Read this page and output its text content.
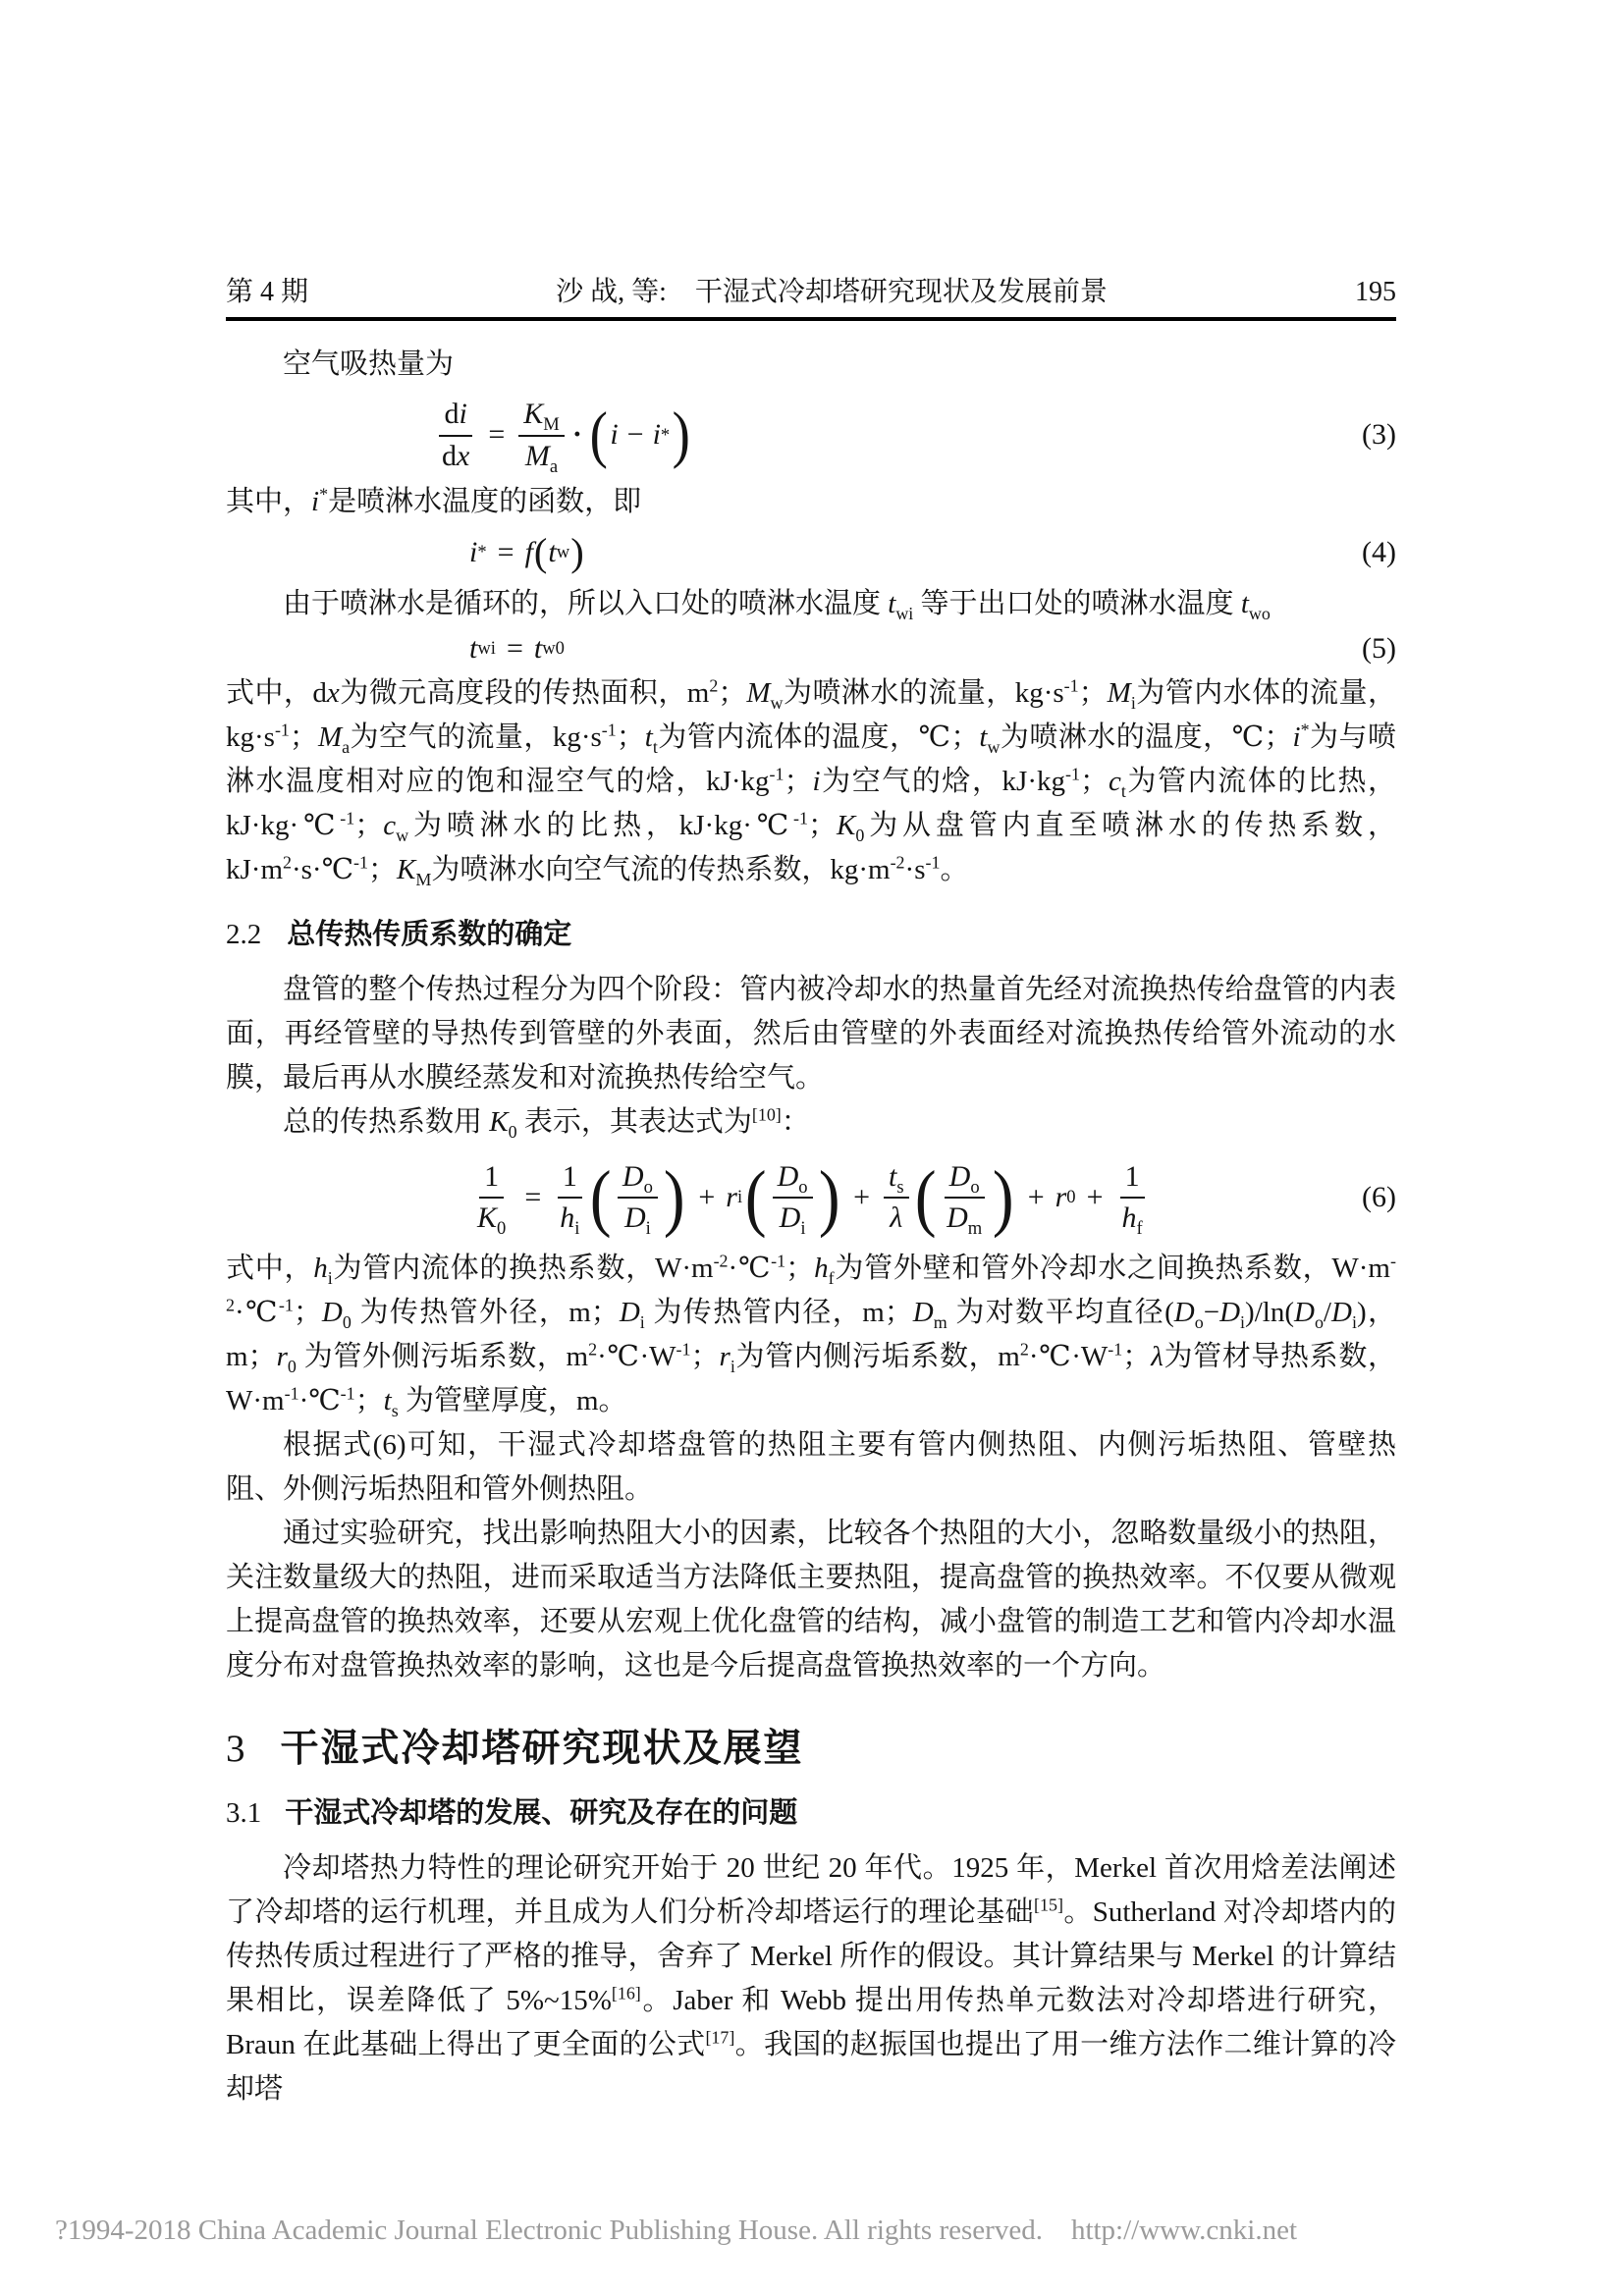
第 4 期	沙 战, 等: 干湿式冷却塔研究现状及发展前景	195

空气吸热量为

$\frac{di}{dx} = \frac{K_M}{M_a}$ · ( i − i * )	(3)

其中，i*是喷淋水温度的函数，即

i * = f ( t w )	(4)

由于喷淋水是循环的，所以入口处的喷淋水温度 $t_{wi}$ 等于出口处的喷淋水温度 $t_{wo}$

t wi = t w0	(5)

式中，dx为微元高度段的传热面积，$m^2$；$M_w$为喷淋水的流量，$kg\cdot s^{-1}$；$M_i$为管内水体的流量，$kg\cdot s^{-1}$；$M_a$为空气的流量，$kg\cdot s^{-1}$；$t_t$为管内流体的温度，℃；$t_w$为喷淋水的温度，℃；i*为与喷淋水温度相对应的饱和湿空气的焓，$kJ\cdot kg^{-1}$；i为空气的焓，$kJ\cdot kg^{-1}$；$c_t$为管内流体的比热，kJ·kg·℃$^{-1}$；$c_w$为喷淋水的比热，kJ·kg·℃$^{-1}$；$K_0$为从盘管内直至喷淋水的传热系数，$kJ\cdot m^2\cdot s\cdot℃^{-1}$；$K_M$为喷淋水向空气流的传热系数，$kg\cdot m^{-2}\cdot s^{-1}$。

2.2 总传热传质系数的确定

盘管的整个传热过程分为四个阶段：管内被冷却水的热量首先经对流换热传给盘管的内表面，再经管壁的导热传到管壁的外表面，然后由管壁的外表面经对流换热传给管外流动的水膜，最后再从水膜经蒸发和对流换热传给空气。

总的传热系数用 $K_0$ 表示，其表达式为[10]：

$\frac{1}{K_0} = \frac{1}{h_i}$ ( $\frac{D_o}{D_i}$ ) + r i ( $\frac{D_o}{D_i}$ ) + $\frac{t_s}{\lambda}$ ( $\frac{D_o}{D_m}$ ) + r $0 + \frac{1}{h_f}$	(6)

式中，$h_i$为管内流体的换热系数，$W\cdot m^{-2}\cdot℃^{-1}$；$h_f$为管外壁和管外冷却水之间换热系数，$W\cdot m^{-2}\cdot℃^{-1}$；$D_0$ 为传热管外径，m；$D_i$ 为传热管内径，m；$D_m$ 为对数平均直径$(D_o-D_i)/\ln(D_o/D_i)$，m；$r_0$ 为管外侧污垢系数，$m^2\cdot℃\cdot W^{-1}$；$r_i$为管内侧污垢系数，$m^2\cdot℃\cdot W^{-1}$；λ为管材导热系数，$W\cdot m^{-1}\cdot℃^{-1}$；$t_s$ 为管壁厚度，m。

根据式(6)可知，干湿式冷却塔盘管的热阻主要有管内侧热阻、内侧污垢热阻、管壁热阻、外侧污垢热阻和管外侧热阻。

通过实验研究，找出影响热阻大小的因素，比较各个热阻的大小，忽略数量级小的热阻，关注数量级大的热阻，进而采取适当方法降低主要热阻，提高盘管的换热效率。不仅要从微观上提高盘管的换热效率，还要从宏观上优化盘管的结构，减小盘管的制造工艺和管内冷却水温度分布对盘管换热效率的影响，这也是今后提高盘管换热效率的一个方向。

3 干湿式冷却塔研究现状及展望
3.1 干湿式冷却塔的发展、研究及存在的问题

冷却塔热力特性的理论研究开始于 20 世纪 20 年代。1925 年，Merkel 首次用焓差法阐述了冷却塔的运行机理，并且成为人们分析冷却塔运行的理论基础[15]。Sutherland 对冷却塔内的传热传质过程进行了严格的推导，舍弃了 Merkel 所作的假设。其计算结果与 Merkel 的计算结果相比，误差降低了 5%~15%[16]。Jaber 和 Webb 提出用传热单元数法对冷却塔进行研究，Braun 在此基础上得出了更全面的公式[17]。我国的赵振国也提出了用一维方法作二维计算的冷却塔

?1994-2018 China Academic Journal Electronic Publishing House. All rights reserved.    http://www.cnki.net
